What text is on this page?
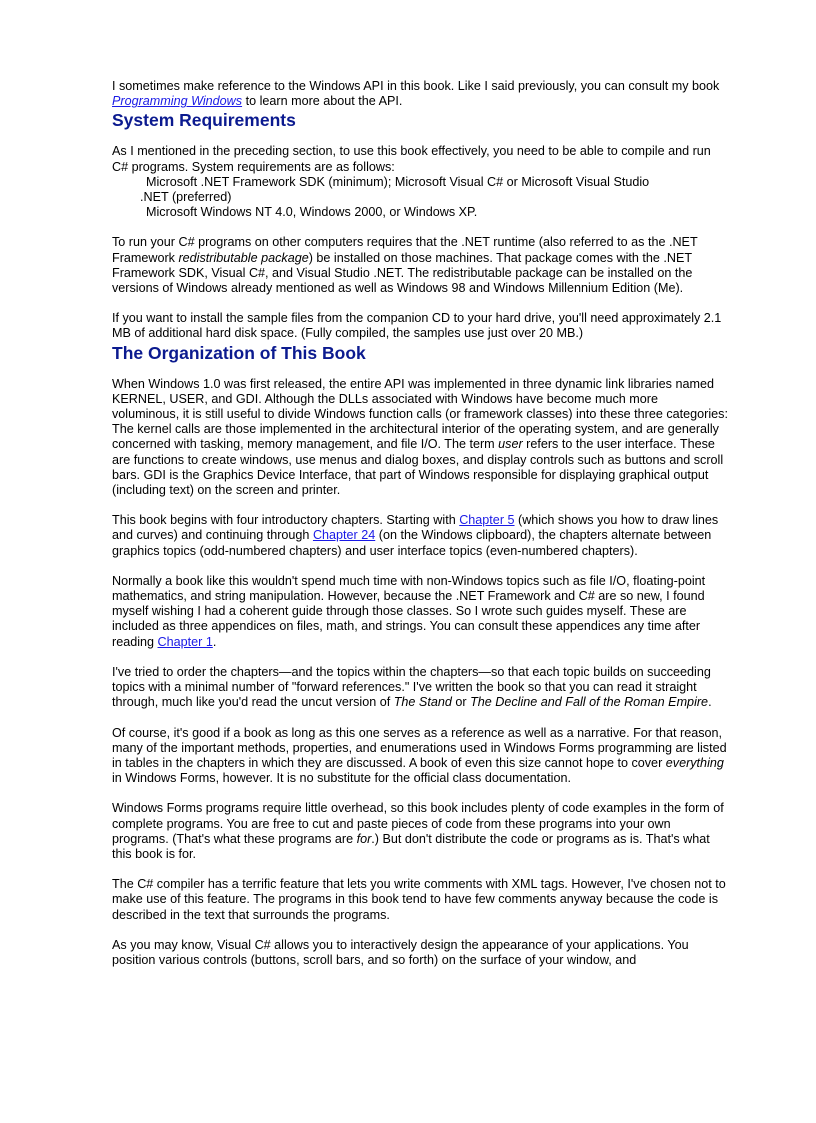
I sometimes make reference to the Windows API in this book. Like I said previously, you can consult my book Programming Windows to learn more about the API.

System Requirements

As I mentioned in the preceding section, to use this book effectively, you need to be able to compile and run C# programs. System requirements are as follows:

Microsoft .NET Framework SDK (minimum); Microsoft Visual C# or Microsoft Visual Studio
.NET (preferred)
Microsoft Windows NT 4.0, Windows 2000, or Windows XP.

To run your C# programs on other computers requires that the .NET runtime (also referred to as the .NET Framework redistributable package) be installed on those machines. That package comes with the .NET Framework SDK, Visual C#, and Visual Studio .NET. The redistributable package can be installed on the versions of Windows already mentioned as well as Windows 98 and Windows Millennium Edition (Me).

If you want to install the sample files from the companion CD to your hard drive, you'll need approximately 2.1 MB of additional hard disk space. (Fully compiled, the samples use just over 20 MB.)

The Organization of This Book

When Windows 1.0 was first released, the entire API was implemented in three dynamic link libraries named KERNEL, USER, and GDI. Although the DLLs associated with Windows have become much more voluminous, it is still useful to divide Windows function calls (or framework classes) into these three categories: The kernel calls are those implemented in the architectural interior of the operating system, and are generally concerned with tasking, memory management, and file I/O. The term user refers to the user interface. These are functions to create windows, use menus and dialog boxes, and display controls such as buttons and scroll bars. GDI is the Graphics Device Interface, that part of Windows responsible for displaying graphical output (including text) on the screen and printer.

This book begins with four introductory chapters. Starting with Chapter 5 (which shows you how to draw lines and curves) and continuing through Chapter 24 (on the Windows clipboard), the chapters alternate between graphics topics (odd-numbered chapters) and user interface topics (even-numbered chapters).

Normally a book like this wouldn't spend much time with non-Windows topics such as file I/O, floating-point mathematics, and string manipulation. However, because the .NET Framework and C# are so new, I found myself wishing I had a coherent guide through those classes. So I wrote such guides myself. These are included as three appendices on files, math, and strings. You can consult these appendices any time after reading Chapter 1.

I've tried to order the chapters—and the topics within the chapters—so that each topic builds on succeeding topics with a minimal number of "forward references." I've written the book so that you can read it straight through, much like you'd read the uncut version of The Stand or The Decline and Fall of the Roman Empire.

Of course, it's good if a book as long as this one serves as a reference as well as a narrative. For that reason, many of the important methods, properties, and enumerations used in Windows Forms programming are listed in tables in the chapters in which they are discussed. A book of even this size cannot hope to cover everything in Windows Forms, however. It is no substitute for the official class documentation.

Windows Forms programs require little overhead, so this book includes plenty of code examples in the form of complete programs. You are free to cut and paste pieces of code from these programs into your own programs. (That's what these programs are for.) But don't distribute the code or programs as is. That's what this book is for.

The C# compiler has a terrific feature that lets you write comments with XML tags. However, I've chosen not to make use of this feature. The programs in this book tend to have few comments anyway because the code is described in the text that surrounds the programs.

As you may know, Visual C# allows you to interactively design the appearance of your applications. You position various controls (buttons, scroll bars, and so forth) on the surface of your window, and
